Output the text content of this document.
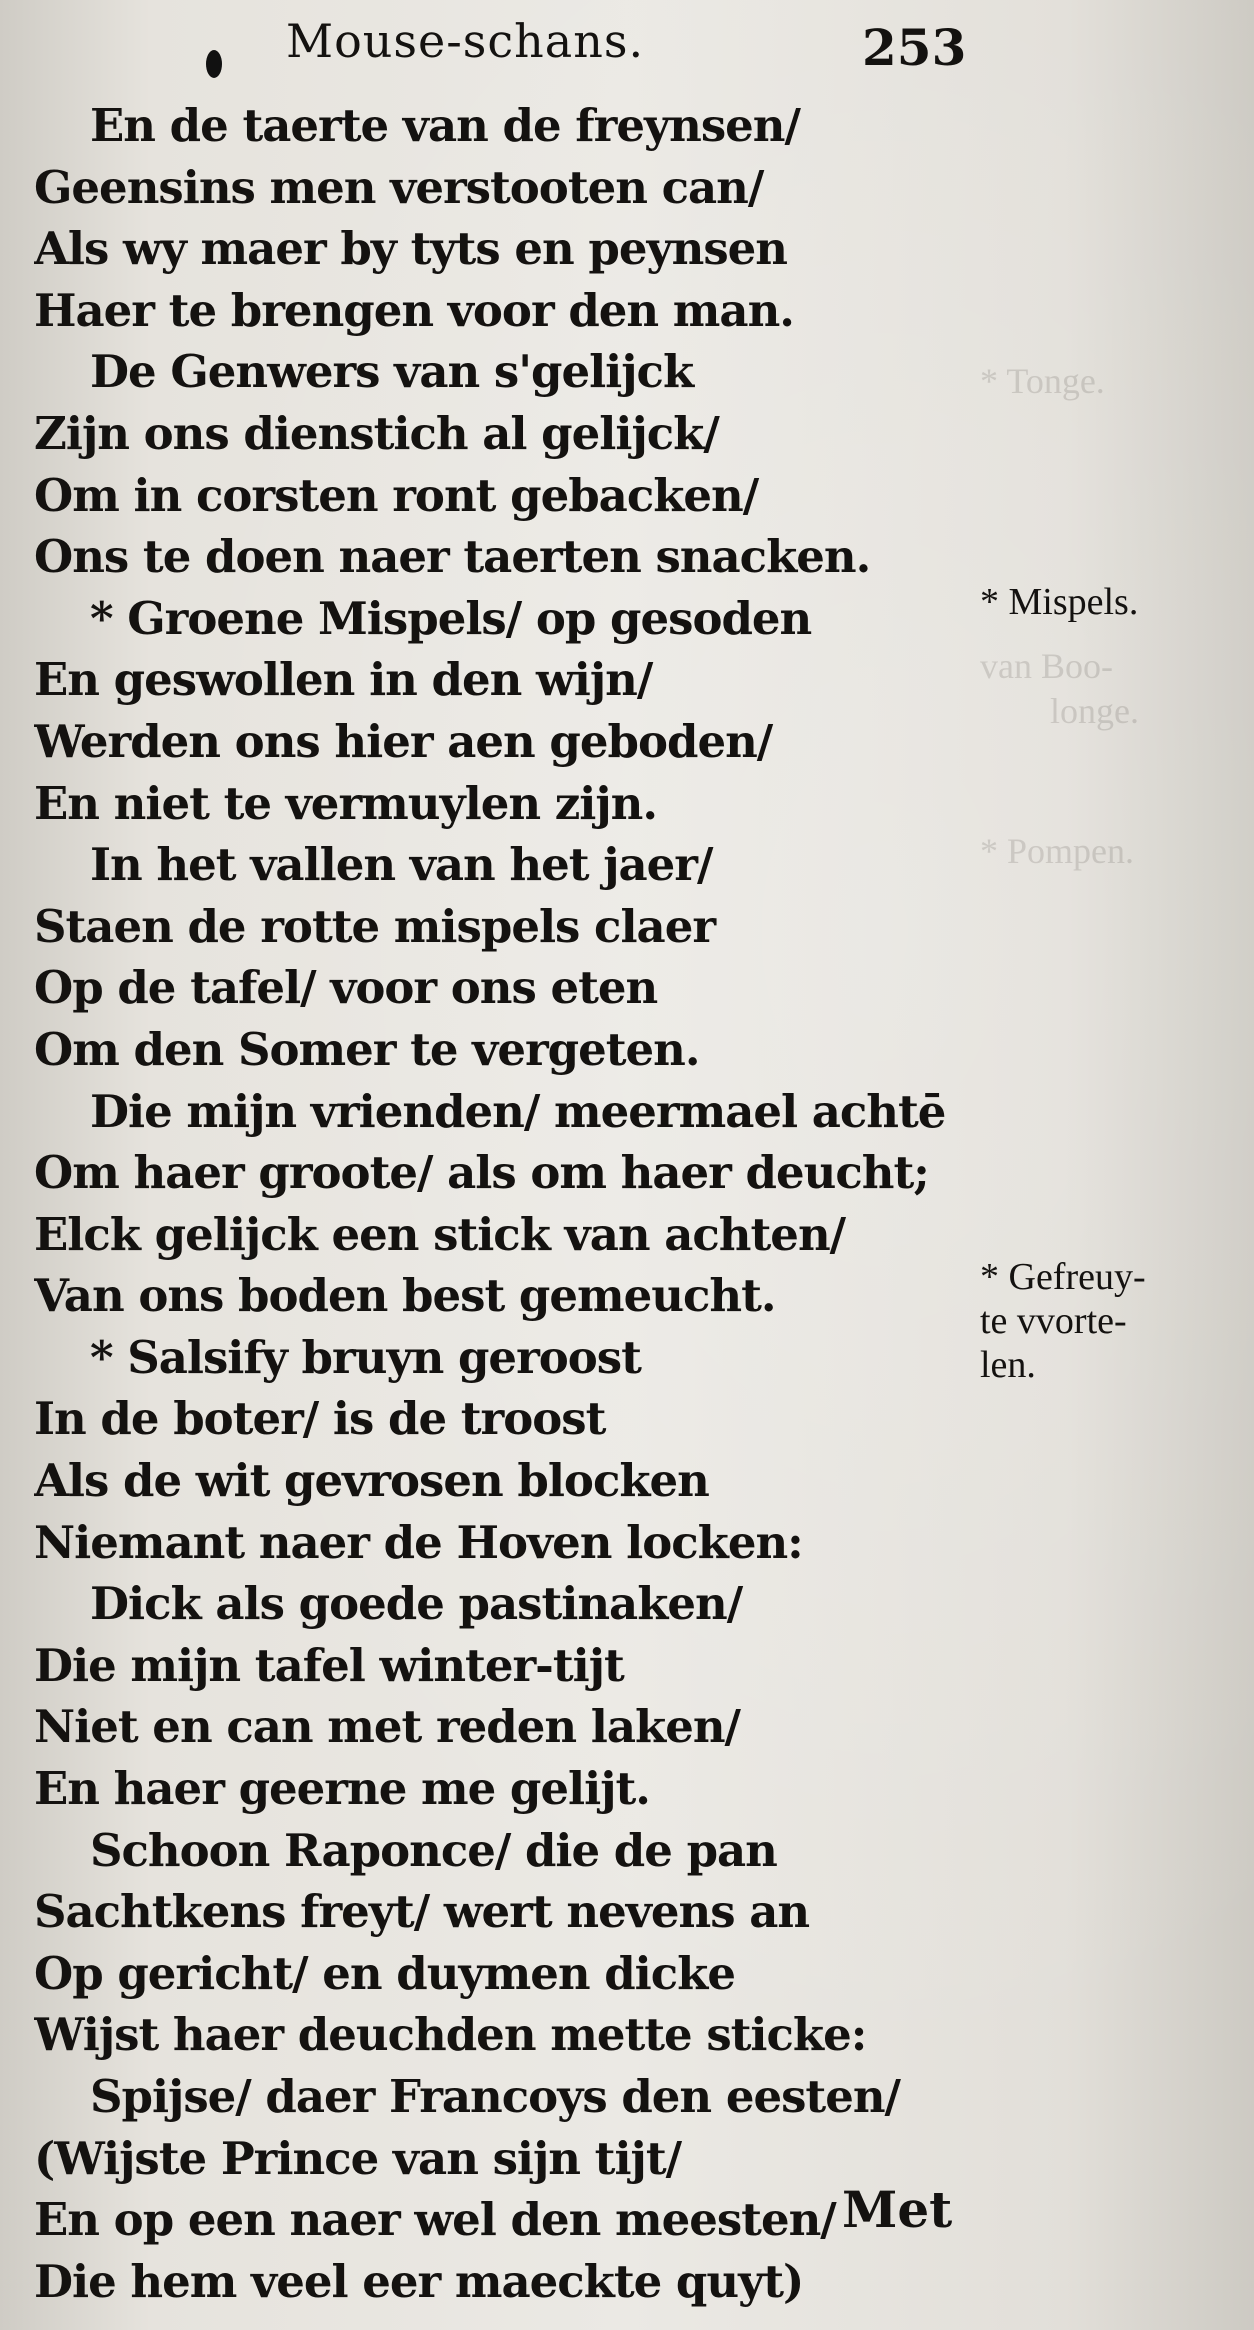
* Tonge.
van Boo-
longe.
* Pompen.
Mouse-schans.	253
En de taerte van de freynsen/
Geensins men verstooten can/
Als wy maer by tyts en peynsen
Haer te brengen voor den man.
De Genwers van s'gelijck
Zijn ons dienstich al gelijck/
Om in corsten ront gebacken/
Ons te doen naer taerten snacken.
* Groene Mispels/ op gesoden
En geswollen in den wijn/
Werden ons hier aen geboden/
En niet te vermuylen zijn.
In het vallen van het jaer/
Staen de rotte mispels claer
Op de tafel/ voor ons eten
Om den Somer te vergeten.
Die mijn vrienden/ meermael achtē
Om haer groote/ als om haer deucht;
Elck gelijck een stick van achten/
Van ons boden best gemeucht.
* Salsify bruyn geroost
In de boter/ is de troost
Als de wit gevrosen blocken
Niemant naer de Hoven locken:
Dick als goede pastinaken/
Die mijn tafel winter-tijt
Niet en can met reden laken/
En haer geerne me gelijt.
Schoon Raponce/ die de pan
Sachtkens freyt/ wert nevens an
Op gericht/ en duymen dicke
Wijst haer deuchden mette sticke:
Spijse/ daer Francoys den eesten/
(Wijste Prince van sijn tijt/
En op een naer wel den meesten/
Die hem veel eer maeckte quyt)
* Mispels.
* Gefreuy-
te vvorte-
len.
Met
